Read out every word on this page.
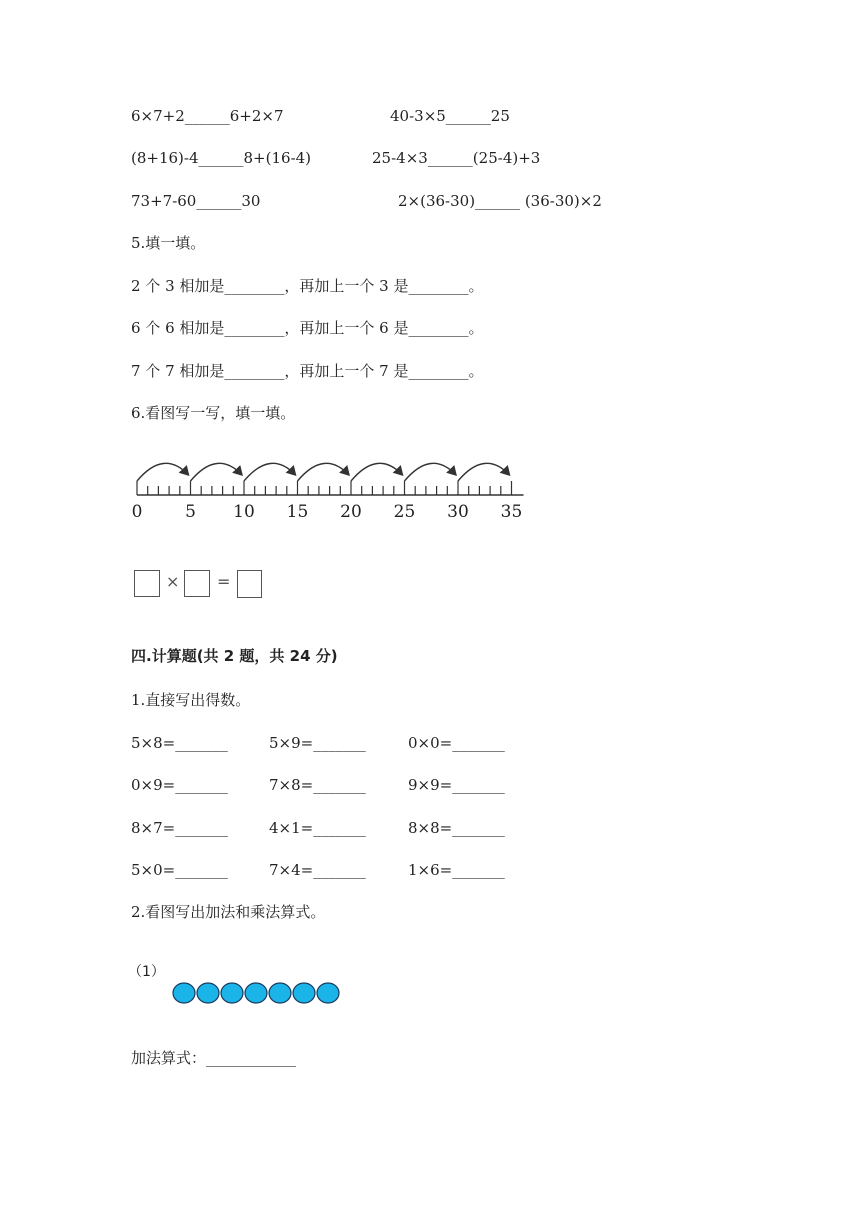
6×7+2______6+2×7	40-3×5______25
(8+16)-4______8+(16-4)	25-4×3______(25-4)+3
73+7-60______30	2×(36-30)______ (36-30)×2
5.填一填。
2 个 3 相加是________，再加上一个 3 是________。
6 个 6 相加是________，再加上一个 6 是________。
7 个 7 相加是________，再加上一个 7 是________。
6.看图写一写，填一填。
0	5 10 15 20 25 30 35
× =
四.计算题(共 2 题，共 24 分)
1.直接写出得数。
5×8=_______	5×9=_______	0×0=_______
0×9=_______	7×8=_______	9×9=_______
8×7=_______	4×1=_______	8×8=_______
5×0=_______	7×4=_______	1×6=_______
2.看图写出加法和乘法算式。
（1）
加法算式：____________
